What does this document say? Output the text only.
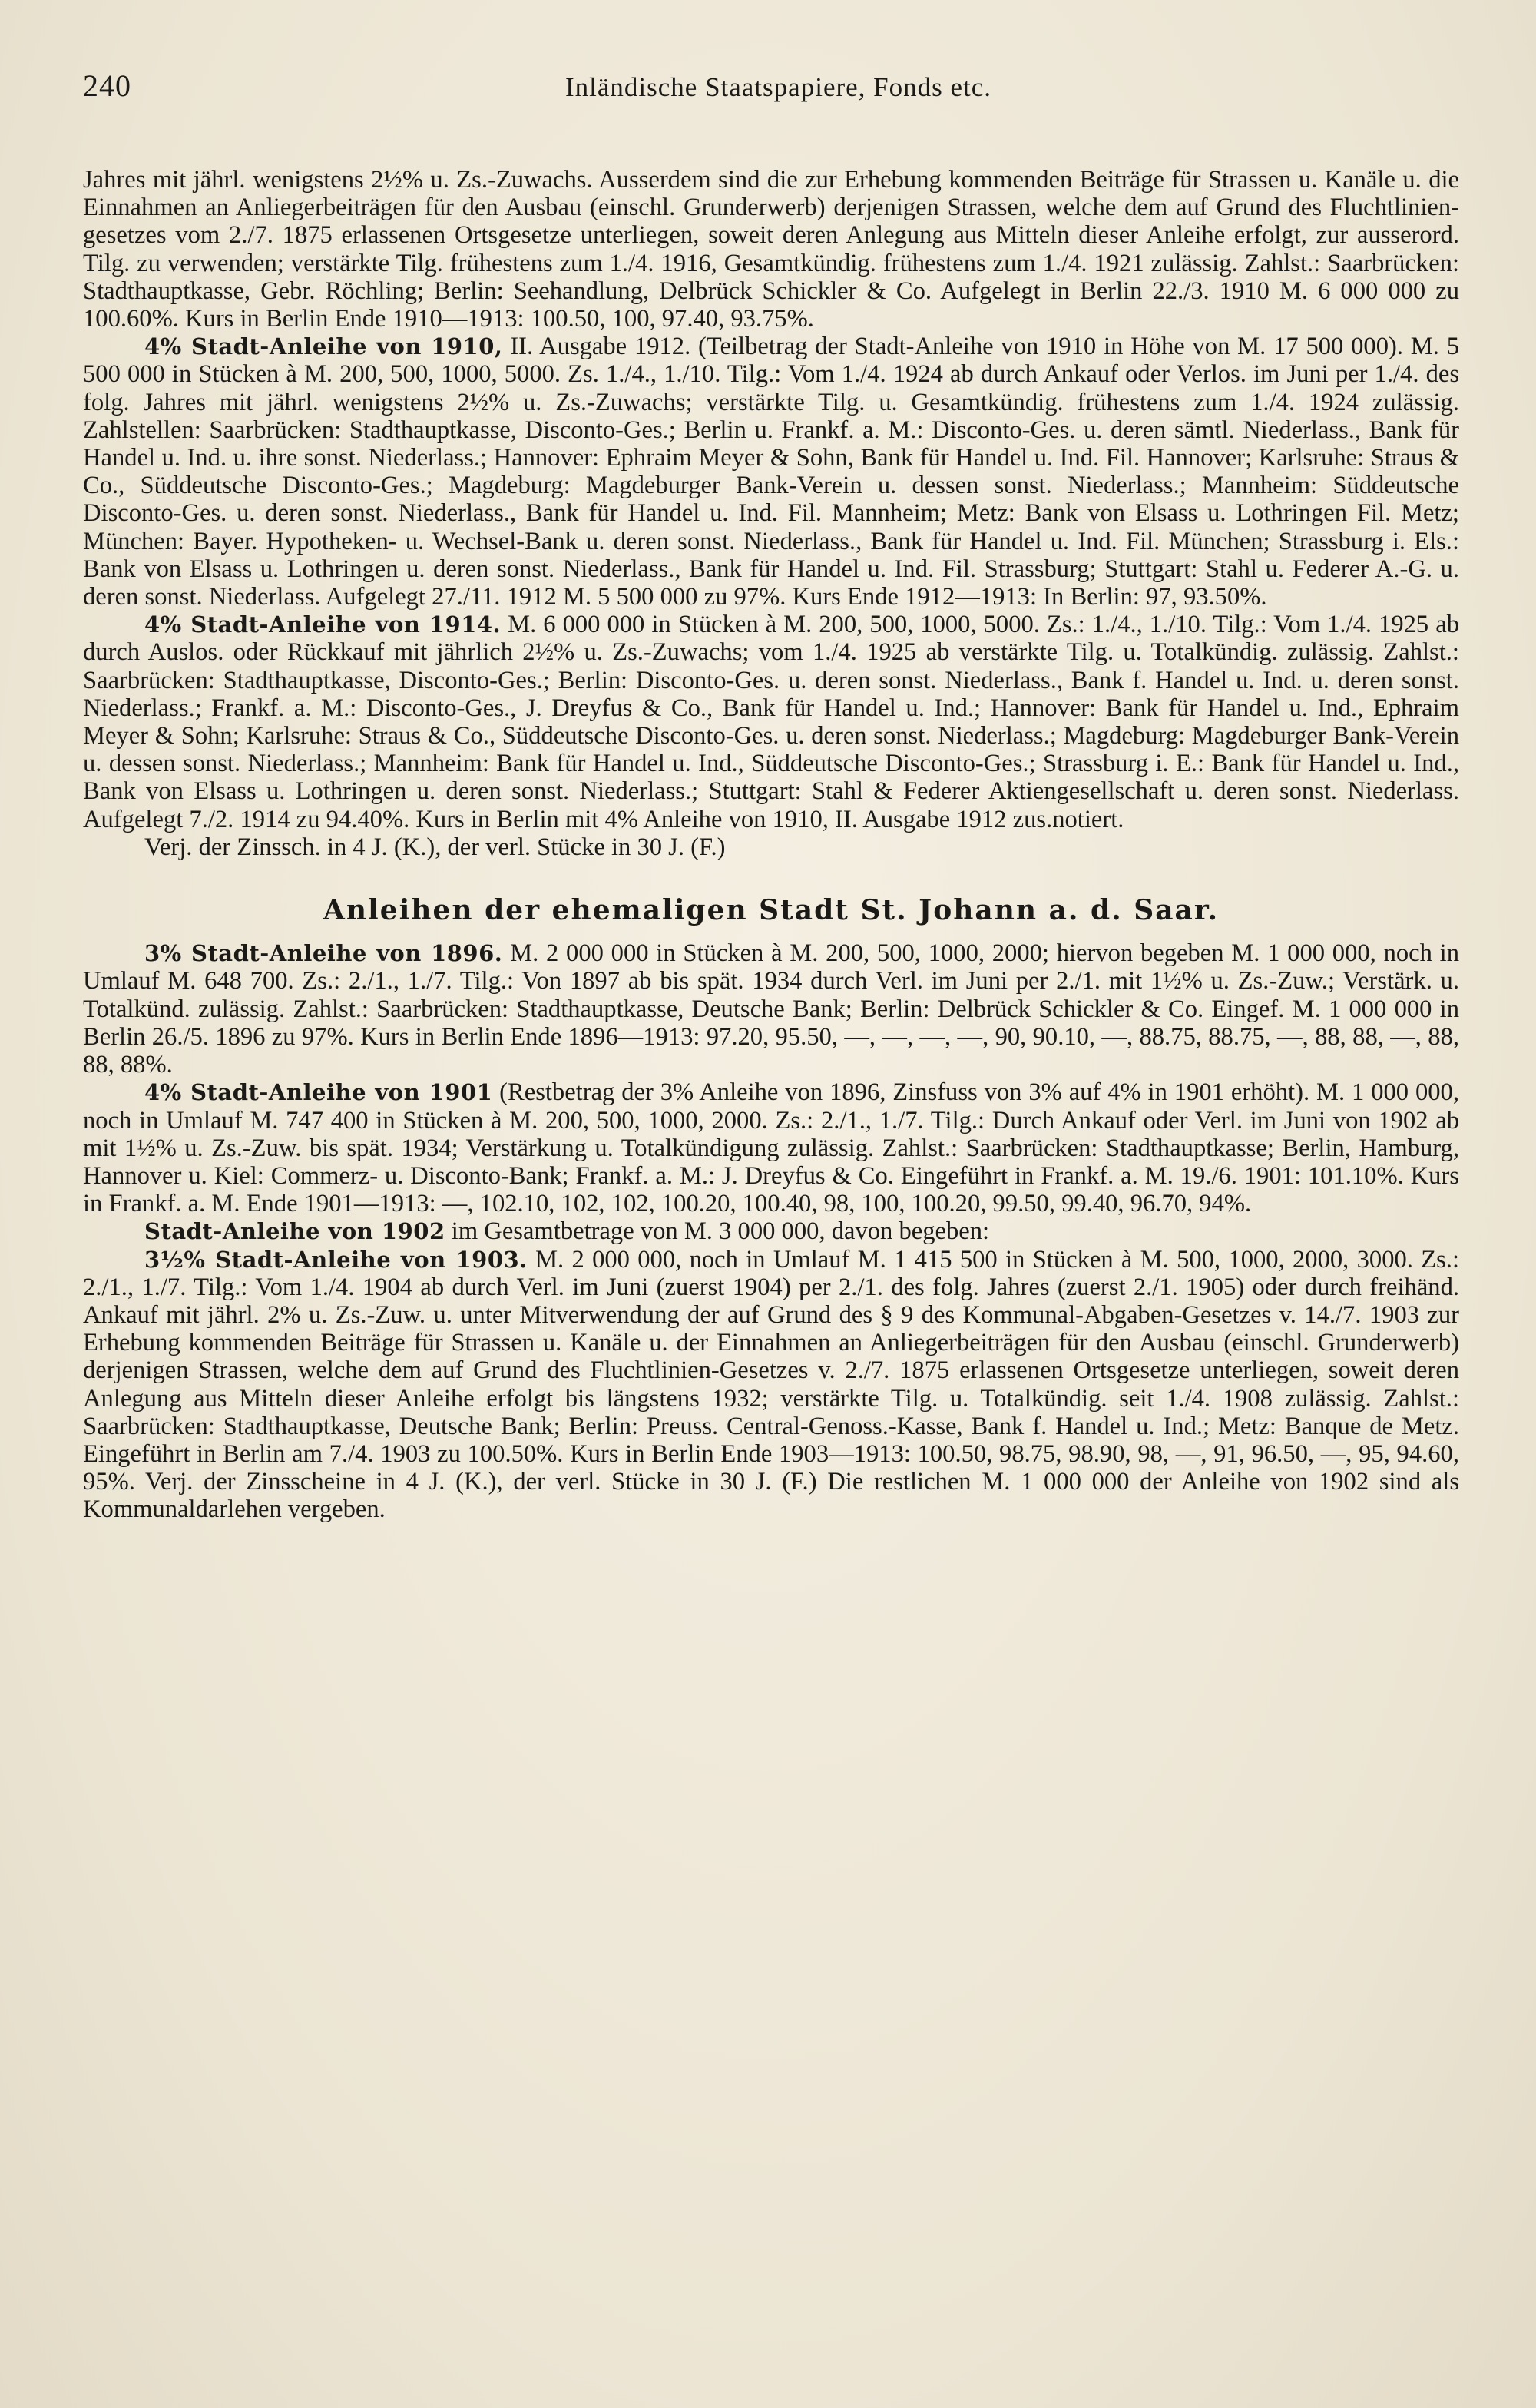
240	Inländische Staatspapiere, Fonds etc.

Jahres mit jährl. wenigstens 2½% u. Zs.-Zuwachs. Ausserdem sind die zur Erhebung kommenden Beiträge für Strassen u. Kanäle u. die Einnahmen an Anliegerbeiträgen für den Ausbau (einschl. Grunderwerb) derjenigen Strassen, welche dem auf Grund des Fluchtlinien-gesetzes vom 2./7. 1875 erlassenen Ortsgesetze unterliegen, soweit deren Anlegung aus Mitteln dieser Anleihe erfolgt, zur ausserord. Tilg. zu verwenden; verstärkte Tilg. frühestens zum 1./4. 1916, Gesamtkündig. frühestens zum 1./4. 1921 zulässig. Zahlst.: Saarbrücken: Stadthauptkasse, Gebr. Röchling; Berlin: Seehandlung, Delbrück Schickler & Co. Aufgelegt in Berlin 22./3. 1910 M. 6 000 000 zu 100.60%. Kurs in Berlin Ende 1910—1913: 100.50, 100, 97.40, 93.75%.

4% Stadt-Anleihe von 1910, II. Ausgabe 1912. (Teilbetrag der Stadt-Anleihe von 1910 in Höhe von M. 17 500 000). M. 5 500 000 in Stücken à M. 200, 500, 1000, 5000. Zs. 1./4., 1./10. Tilg.: Vom 1./4. 1924 ab durch Ankauf oder Verlos. im Juni per 1./4. des folg. Jahres mit jährl. wenigstens 2½% u. Zs.-Zuwachs; verstärkte Tilg. u. Gesamtkündig. frühestens zum 1./4. 1924 zulässig. Zahlstellen: Saarbrücken: Stadthauptkasse, Disconto-Ges.; Berlin u. Frankf. a. M.: Disconto-Ges. u. deren sämtl. Niederlass., Bank für Handel u. Ind. u. ihre sonst. Niederlass.; Hannover: Ephraim Meyer & Sohn, Bank für Handel u. Ind. Fil. Hannover; Karlsruhe: Straus & Co., Süddeutsche Disconto-Ges.; Magdeburg: Magdeburger Bank-Verein u. dessen sonst. Niederlass.; Mannheim: Süddeutsche Disconto-Ges. u. deren sonst. Niederlass., Bank für Handel u. Ind. Fil. Mannheim; Metz: Bank von Elsass u. Lothringen Fil. Metz; München: Bayer. Hypotheken- u. Wechsel-Bank u. deren sonst. Niederlass., Bank für Handel u. Ind. Fil. München; Strassburg i. Els.: Bank von Elsass u. Lothringen u. deren sonst. Niederlass., Bank für Handel u. Ind. Fil. Strassburg; Stuttgart: Stahl u. Federer A.-G. u. deren sonst. Niederlass. Aufgelegt 27./11. 1912 M. 5 500 000 zu 97%. Kurs Ende 1912—1913: In Berlin: 97, 93.50%.

4% Stadt-Anleihe von 1914. M. 6 000 000 in Stücken à M. 200, 500, 1000, 5000. Zs.: 1./4., 1./10. Tilg.: Vom 1./4. 1925 ab durch Auslos. oder Rückkauf mit jährlich 2½% u. Zs.-Zuwachs; vom 1./4. 1925 ab verstärkte Tilg. u. Totalkündig. zulässig. Zahlst.: Saarbrücken: Stadthauptkasse, Disconto-Ges.; Berlin: Disconto-Ges. u. deren sonst. Niederlass., Bank f. Handel u. Ind. u. deren sonst. Niederlass.; Frankf. a. M.: Disconto-Ges., J. Dreyfus & Co., Bank für Handel u. Ind.; Hannover: Bank für Handel u. Ind., Ephraim Meyer & Sohn; Karlsruhe: Straus & Co., Süddeutsche Disconto-Ges. u. deren sonst. Niederlass.; Magdeburg: Magdeburger Bank-Verein u. dessen sonst. Niederlass.; Mannheim: Bank für Handel u. Ind., Süddeutsche Disconto-Ges.; Strassburg i. E.: Bank für Handel u. Ind., Bank von Elsass u. Lothringen u. deren sonst. Niederlass.; Stuttgart: Stahl & Federer Aktiengesellschaft u. deren sonst. Niederlass. Aufgelegt 7./2. 1914 zu 94.40%. Kurs in Berlin mit 4% Anleihe von 1910, II. Ausgabe 1912 zus.notiert.

Verj. der Zinssch. in 4 J. (K.), der verl. Stücke in 30 J. (F.)

Anleihen der ehemaligen Stadt St. Johann a. d. Saar.

3% Stadt-Anleihe von 1896. M. 2 000 000 in Stücken à M. 200, 500, 1000, 2000; hiervon begeben M. 1 000 000, noch in Umlauf M. 648 700. Zs.: 2./1., 1./7. Tilg.: Von 1897 ab bis spät. 1934 durch Verl. im Juni per 2./1. mit 1½% u. Zs.-Zuw.; Verstärk. u. Totalkünd. zulässig. Zahlst.: Saarbrücken: Stadthauptkasse, Deutsche Bank; Berlin: Delbrück Schickler & Co. Eingef. M. 1 000 000 in Berlin 26./5. 1896 zu 97%. Kurs in Berlin Ende 1896—1913: 97.20, 95.50, —, —, —, —, 90, 90.10, —, 88.75, 88.75, —, 88, 88, —, 88, 88, 88%.

4% Stadt-Anleihe von 1901 (Restbetrag der 3% Anleihe von 1896, Zinsfuss von 3% auf 4% in 1901 erhöht). M. 1 000 000, noch in Umlauf M. 747 400 in Stücken à M. 200, 500, 1000, 2000. Zs.: 2./1., 1./7. Tilg.: Durch Ankauf oder Verl. im Juni von 1902 ab mit 1½% u. Zs.-Zuw. bis spät. 1934; Verstärkung u. Totalkündigung zulässig. Zahlst.: Saarbrücken: Stadthauptkasse; Berlin, Hamburg, Hannover u. Kiel: Commerz- u. Disconto-Bank; Frankf. a. M.: J. Dreyfus & Co. Eingeführt in Frankf. a. M. 19./6. 1901: 101.10%. Kurs in Frankf. a. M. Ende 1901—1913: —, 102.10, 102, 102, 100.20, 100.40, 98, 100, 100.20, 99.50, 99.40, 96.70, 94%.

Stadt-Anleihe von 1902 im Gesamtbetrage von M. 3 000 000, davon begeben:

3½% Stadt-Anleihe von 1903. M. 2 000 000, noch in Umlauf M. 1 415 500 in Stücken à M. 500, 1000, 2000, 3000. Zs.: 2./1., 1./7. Tilg.: Vom 1./4. 1904 ab durch Verl. im Juni (zuerst 1904) per 2./1. des folg. Jahres (zuerst 2./1. 1905) oder durch freihänd. Ankauf mit jährl. 2% u. Zs.-Zuw. u. unter Mitverwendung der auf Grund des § 9 des Kommunal-Abgaben-Gesetzes v. 14./7. 1903 zur Erhebung kommenden Beiträge für Strassen u. Kanäle u. der Einnahmen an Anliegerbeiträgen für den Ausbau (einschl. Grunderwerb) derjenigen Strassen, welche dem auf Grund des Fluchtlinien-Gesetzes v. 2./7. 1875 erlassenen Ortsgesetze unterliegen, soweit deren Anlegung aus Mitteln dieser Anleihe erfolgt bis längstens 1932; verstärkte Tilg. u. Totalkündig. seit 1./4. 1908 zulässig. Zahlst.: Saarbrücken: Stadthauptkasse, Deutsche Bank; Berlin: Preuss. Central-Genoss.-Kasse, Bank f. Handel u. Ind.; Metz: Banque de Metz. Eingeführt in Berlin am 7./4. 1903 zu 100.50%. Kurs in Berlin Ende 1903—1913: 100.50, 98.75, 98.90, 98, —, 91, 96.50, —, 95, 94.60, 95%. Verj. der Zinsscheine in 4 J. (K.), der verl. Stücke in 30 J. (F.) Die restlichen M. 1 000 000 der Anleihe von 1902 sind als Kommunaldarlehen vergeben.
